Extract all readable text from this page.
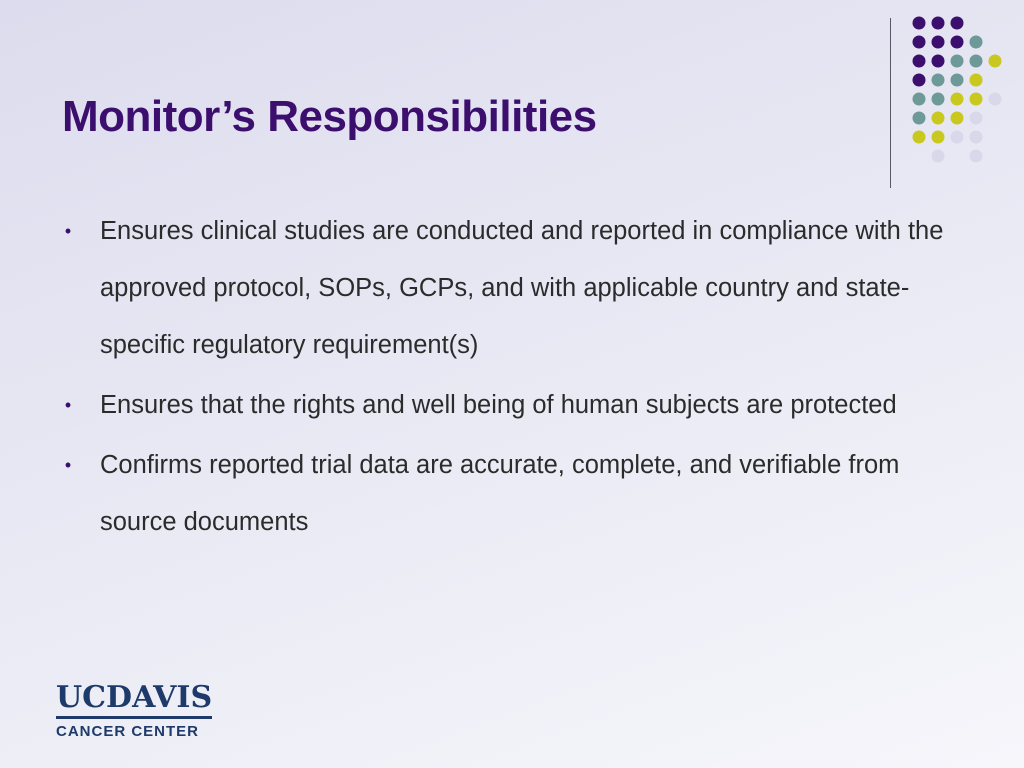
Monitor’s Responsibilities
• Ensures clinical studies are conducted and reported in compliance with the approved protocol, SOPs, GCPs, and with applicable country and state-specific regulatory requirement(s)
• Ensures that the rights and well being of human subjects are protected
• Confirms reported trial data are accurate, complete, and verifiable from source documents
UCDAVIS
CANCER CENTER
